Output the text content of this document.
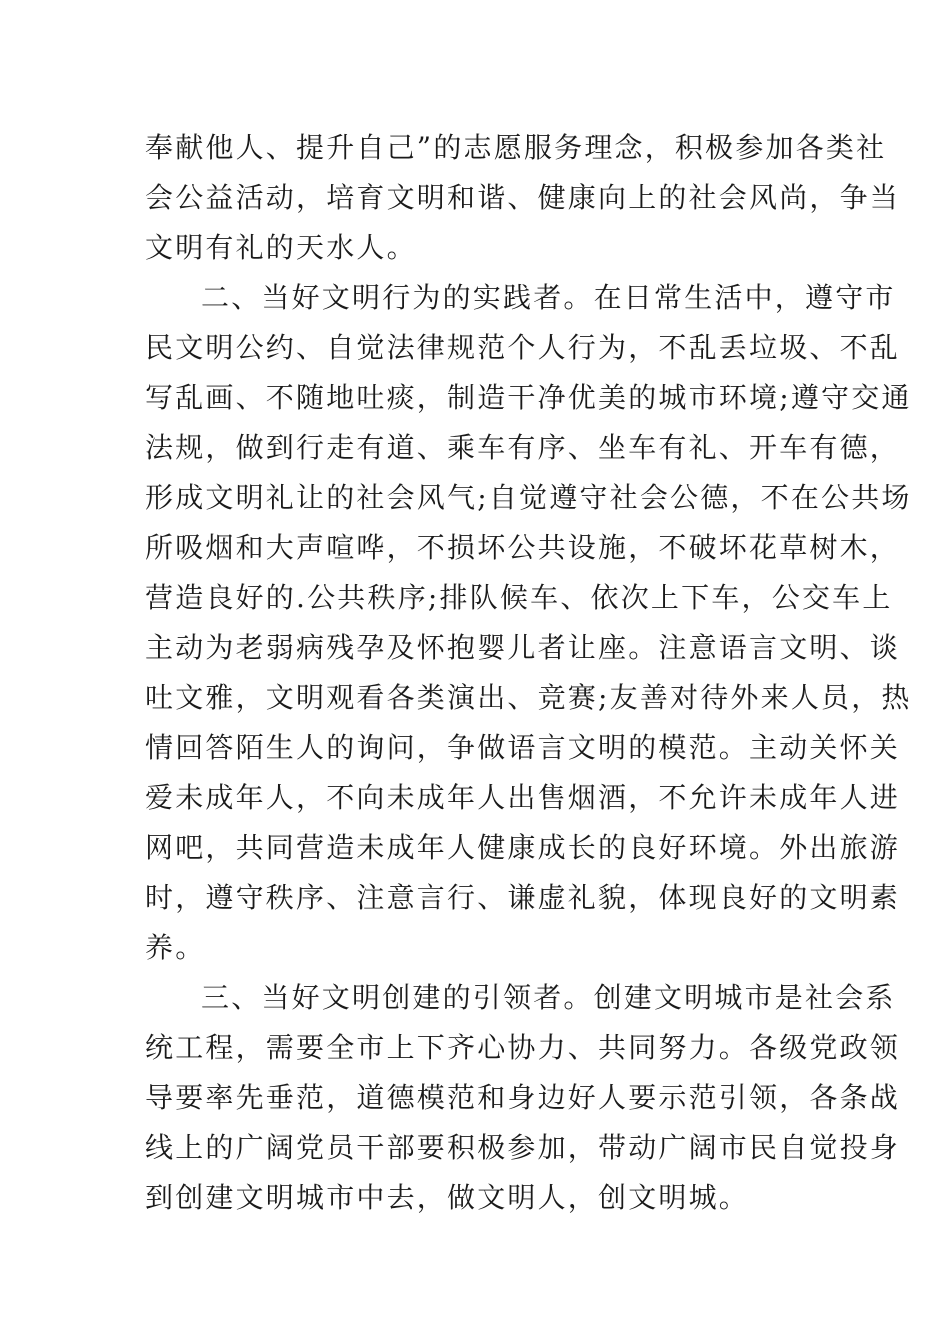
奉献他人、提升自己”的志愿服务理念，积极参加各类社
会公益活动，培育文明和谐、健康向上的社会风尚，争当
文明有礼的天水人。
二、当好文明行为的实践者。在日常生活中，遵守市
民文明公约、自觉法律规范个人行为，不乱丢垃圾、不乱
写乱画、不随地吐痰，制造干净优美的城市环境;遵守交通
法规，做到行走有道、乘车有序、坐车有礼、开车有德，
形成文明礼让的社会风气;自觉遵守社会公德，不在公共场
所吸烟和大声喧哗，不损坏公共设施，不破坏花草树木，
营造良好的.公共秩序;排队候车、依次上下车，公交车上
主动为老弱病残孕及怀抱婴儿者让座。注意语言文明、谈
吐文雅，文明观看各类演出、竞赛;友善对待外来人员，热
情回答陌生人的询问，争做语言文明的模范。主动关怀关
爱未成年人，不向未成年人出售烟酒，不允许未成年人进
网吧，共同营造未成年人健康成长的良好环境。外出旅游
时，遵守秩序、注意言行、谦虚礼貌，体现良好的文明素
养。
三、当好文明创建的引领者。创建文明城市是社会系
统工程，需要全市上下齐心协力、共同努力。各级党政领
导要率先垂范，道德模范和身边好人要示范引领，各条战
线上的广阔党员干部要积极参加，带动广阔市民自觉投身
到创建文明城市中去，做文明人，创文明城。
